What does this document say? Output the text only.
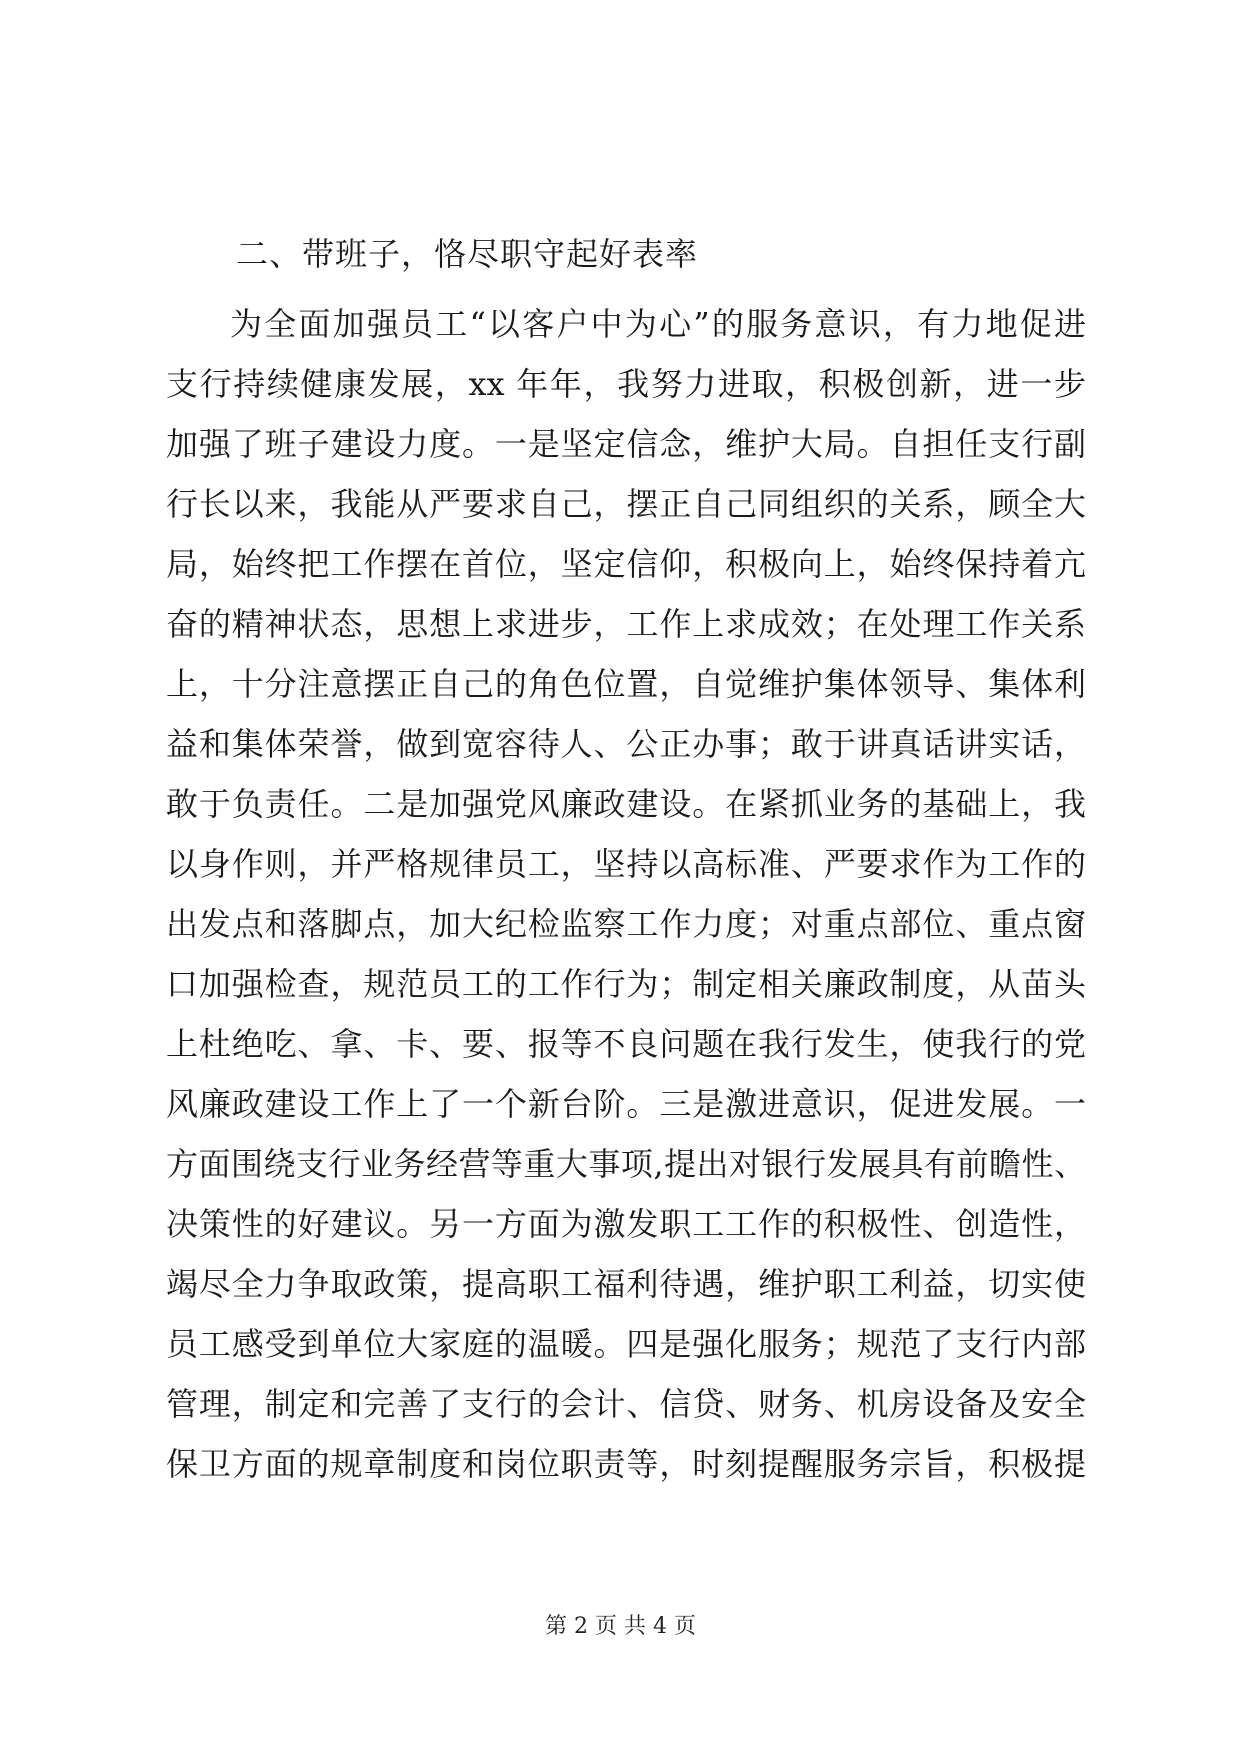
二、带班子，恪尽职守起好表率
为全面加强员工“以客户中为心”的服务意识，有力地促进
支行持续健康发展，xx 年年，我努力进取，积极创新，进一步
加强了班子建设力度。一是坚定信念，维护大局。自担任支行副
行长以来，我能从严要求自己，摆正自己同组织的关系，顾全大
局，始终把工作摆在首位，坚定信仰，积极向上，始终保持着亢
奋的精神状态，思想上求进步，工作上求成效；在处理工作关系
上，十分注意摆正自己的角色位置，自觉维护集体领导、集体利
益和集体荣誉，做到宽容待人、公正办事；敢于讲真话讲实话，
敢于负责任。二是加强党风廉政建设。在紧抓业务的基础上，我
以身作则，并严格规律员工，坚持以高标准、严要求作为工作的
出发点和落脚点，加大纪检监察工作力度；对重点部位、重点窗
口加强检查，规范员工的工作行为；制定相关廉政制度，从苗头
上杜绝吃、拿、卡、要、报等不良问题在我行发生，使我行的党
风廉政建设工作上了一个新台阶。三是激进意识，促进发展。一
方面围绕支行业务经营等重大事项,提出对银行发展具有前瞻性、
决策性的好建议。另一方面为激发职工工作的积极性、创造性，
竭尽全力争取政策，提高职工福利待遇，维护职工利益，切实使
员工感受到单位大家庭的温暖。四是强化服务；规范了支行内部
管理，制定和完善了支行的会计、信贷、财务、机房设备及安全
保卫方面的规章制度和岗位职责等，时刻提醒服务宗旨，积极提
第 2 页 共 4 页
